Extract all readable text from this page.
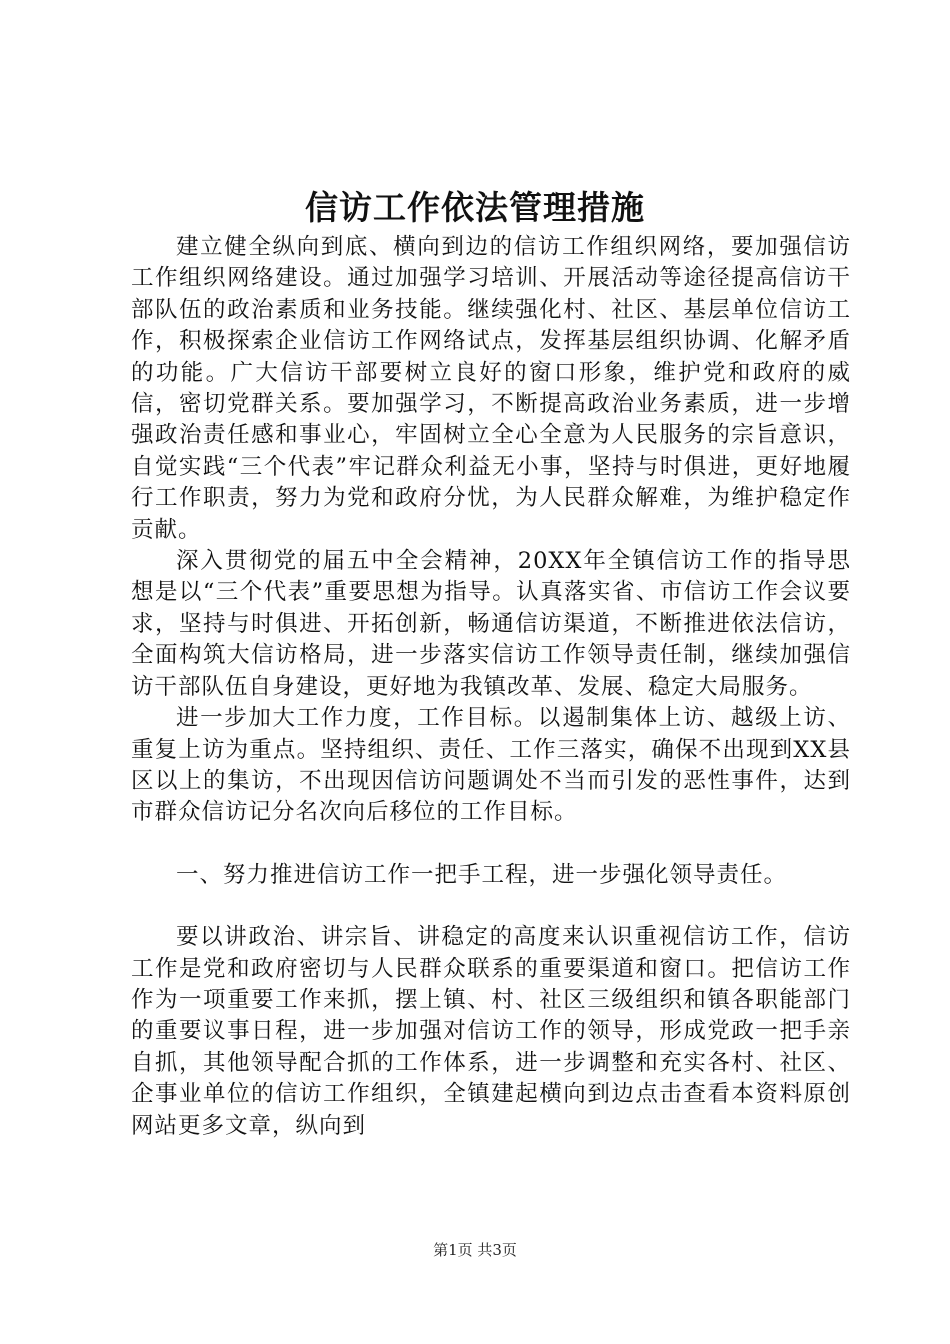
信访工作依法管理措施

建立健全纵向到底、横向到边的信访工作组织网络，要加强信访工作组织网络建设。通过加强学习培训、开展活动等途径提高信访干部队伍的政治素质和业务技能。继续强化村、社区、基层单位信访工作，积极探索企业信访工作网络试点，发挥基层组织协调、化解矛盾的功能。广大信访干部要树立良好的窗口形象，维护党和政府的威信，密切党群关系。要加强学习，不断提高政治业务素质，进一步增强政治责任感和事业心，牢固树立全心全意为人民服务的宗旨意识，自觉实践“三个代表”牢记群众利益无小事，坚持与时俱进，更好地履行工作职责，努力为党和政府分忧，为人民群众解难，为维护稳定作贡献。

深入贯彻党的届五中全会精神，20XX年全镇信访工作的指导思想是以“三个代表”重要思想为指导。认真落实省、市信访工作会议要求，坚持与时俱进、开拓创新，畅通信访渠道，不断推进依法信访，全面构筑大信访格局，进一步落实信访工作领导责任制，继续加强信访干部队伍自身建设，更好地为我镇改革、发展、稳定大局服务。

进一步加大工作力度，工作目标。以遏制集体上访、越级上访、重复上访为重点。坚持组织、责任、工作三落实，确保不出现到XX县区以上的集访，不出现因信访问题调处不当而引发的恶性事件，达到市群众信访记分名次向后移位的工作目标。

一、努力推进信访工作一把手工程，进一步强化领导责任。

要以讲政治、讲宗旨、讲稳定的高度来认识重视信访工作，信访工作是党和政府密切与人民群众联系的重要渠道和窗口。把信访工作作为一项重要工作来抓，摆上镇、村、社区三级组织和镇各职能部门的重要议事日程，进一步加强对信访工作的领导，形成党政一把手亲自抓，其他领导配合抓的工作体系，进一步调整和充实各村、社区、企事业单位的信访工作组织，全镇建起横向到边点击查看本资料原创网站更多文章，纵向到

第1页 共3页
